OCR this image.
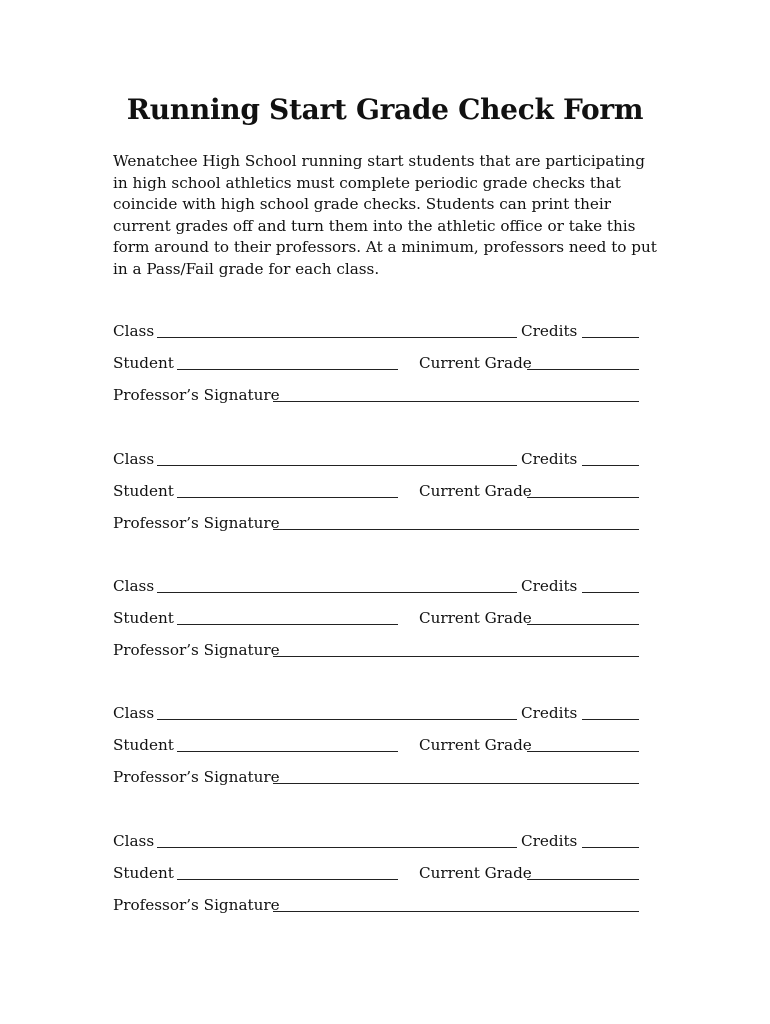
Running Start Grade Check Form

Wenatchee High School running start students that are participating in high school athletics must complete periodic grade checks that coincide with high school grade checks. Students can print their current grades off and turn them into the athletic office or take this form around to their professors. At a minimum, professors need to put in a Pass/Fail grade for each class.

Class	Credits
Student	Current Grade
Professor’s Signature
Class	Credits
Student	Current Grade
Professor’s Signature
Class	Credits
Student	Current Grade
Professor’s Signature
Class	Credits
Student	Current Grade
Professor’s Signature
Class	Credits
Student	Current Grade
Professor’s Signature
